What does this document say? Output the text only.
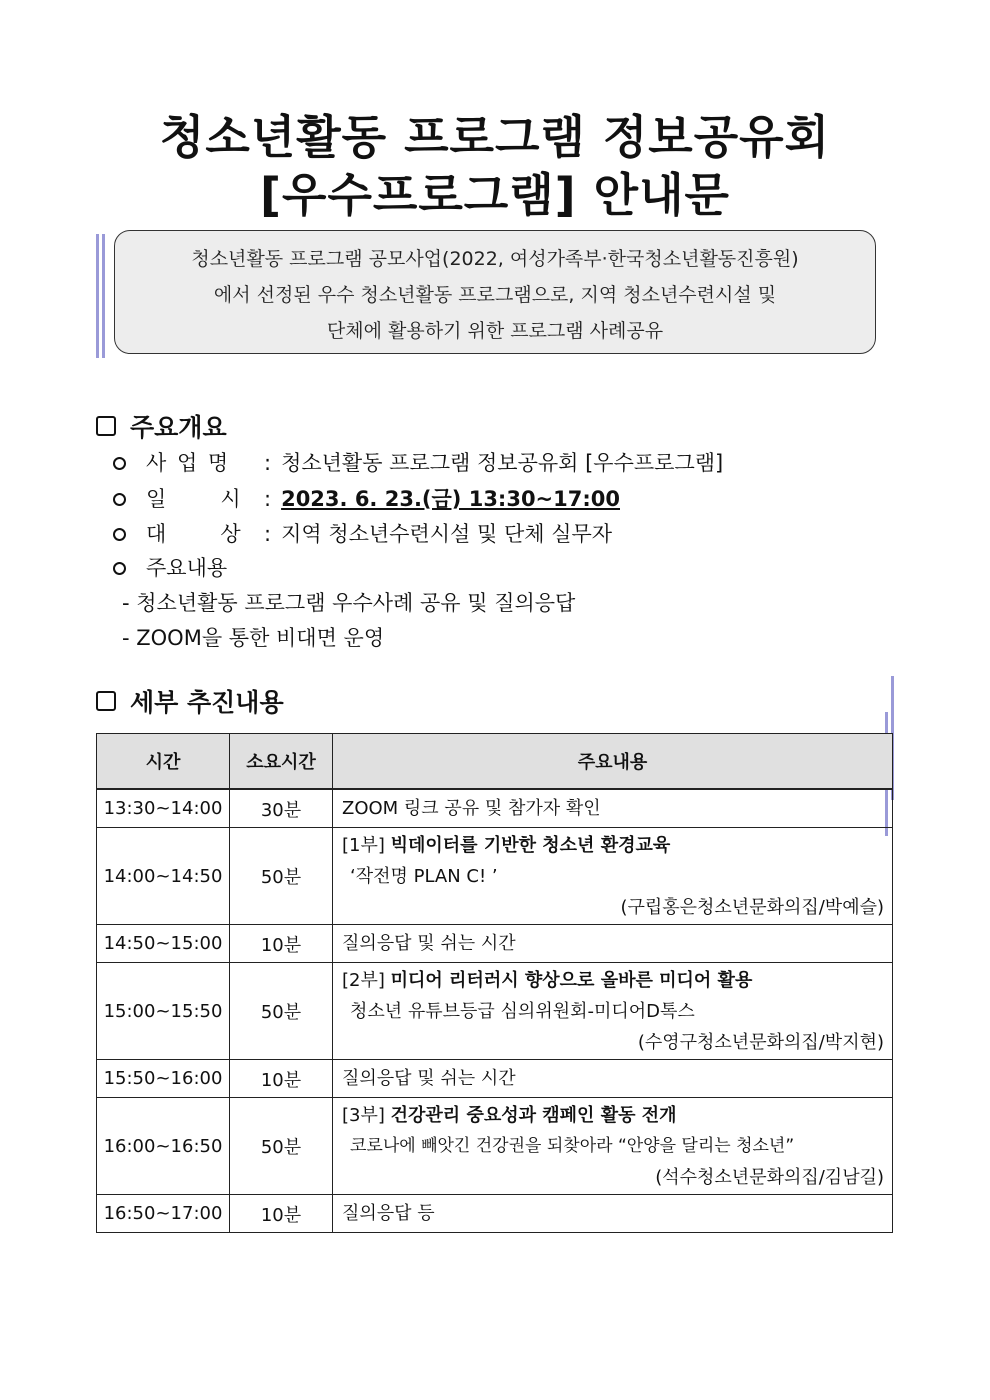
청소년활동 프로그램 정보공유회
[우수프로그램] 안내문
청소년활동 프로그램 공모사업(2022, 여성가족부·한국청소년활동진흥원)
에서 선정된 우수 청소년활동 프로그램으로, 지역 청소년수련시설 및
단체에 활용하기 위한 프로그램 사례공유
주요개요
사 업 명	: 청소년활동 프로그램 정보공유회 [우수프로그램]
일      시	: 2023. 6. 23.(금) 13:30~17:00
대      상	: 지역 청소년수련시설 및 단체 실무자
주요내용
- 청소년활동 프로그램 우수사례 공유 및 질의응답
- ZOOM을 통한 비대면 운영
세부 추진내용
시간	소요시간	주요내용
13:30~14:00	30분	ZOOM 링크 공유 및 참가자 확인

14:00~14:50	50분	[1부] 빅데이터를 기반한 청소년 환경교육
‘작전명 PLAN C! ’
(구립홍은청소년문화의집/박예슬)

14:50~15:00	10분	질의응답 및 쉬는 시간

15:00~15:50	50분	[2부] 미디어 리터러시 향상으로 올바른 미디어 활용
청소년 유튜브등급 심의위원회-미디어D톡스
(수영구청소년문화의집/박지현)

15:50~16:00	10분	질의응답 및 쉬는 시간

16:00~16:50	50분	[3부] 건강관리 중요성과 캠페인 활동 전개
코로나에 빼앗긴 건강권을 되찾아라 “안양을 달리는 청소년”
(석수청소년문화의집/김남길)

16:50~17:00	10분	질의응답 등
